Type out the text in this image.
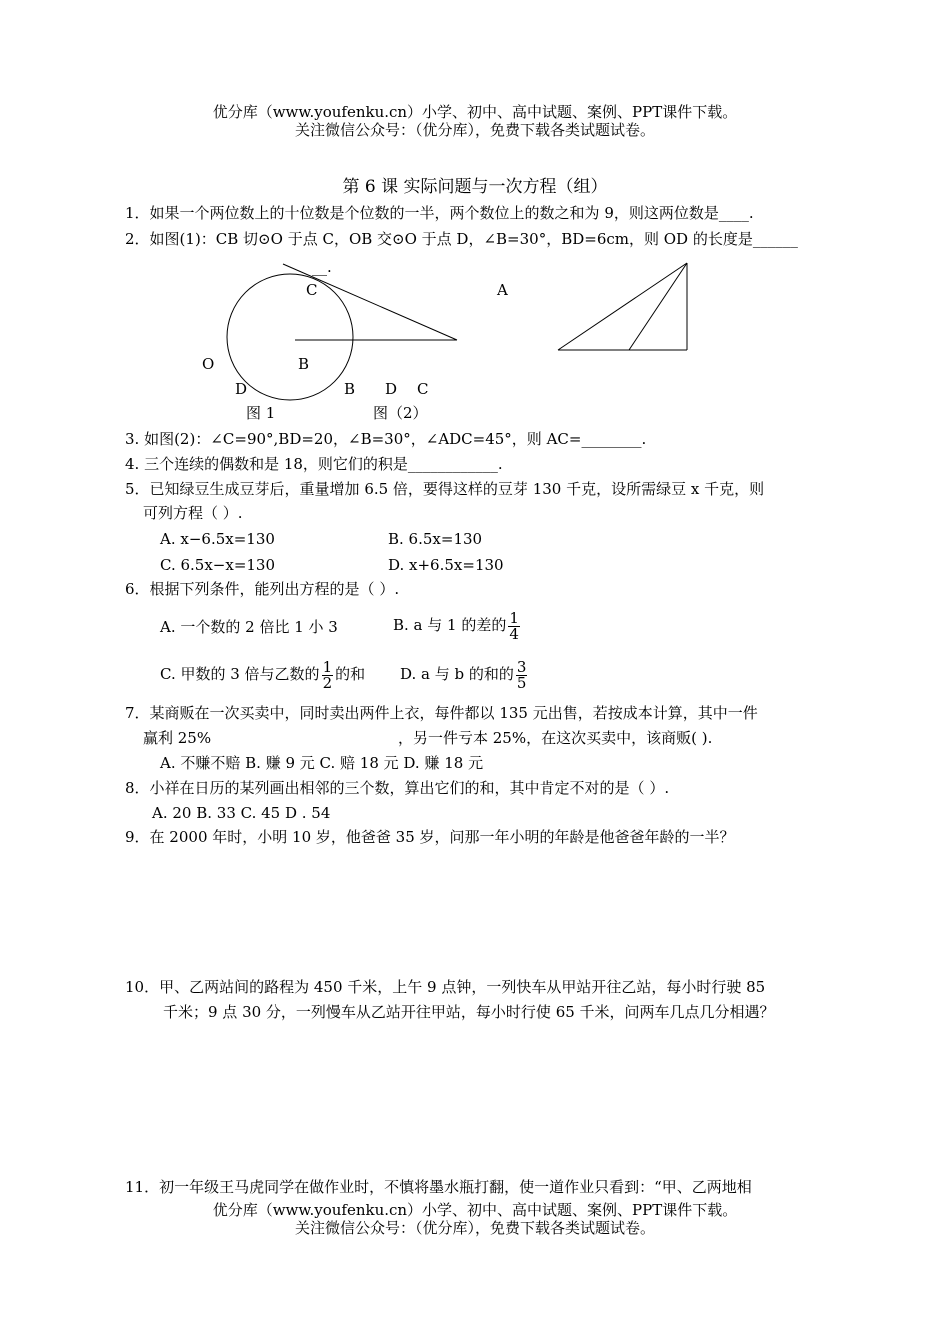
优分库（www.youfenku.cn）小学、初中、高中试题、案例、PPT课件下载。
关注微信公众号：（优分库），免费下载各类试题试卷。
第 6 课 实际问题与一次方程（组）
1．如果一个两位数上的十位数是个位数的一半，两个数位上的数之和为 9，则这两位数是____.
2．如图(1)：CB 切⊙O 于点 C，OB 交⊙O 于点 D，∠B=30°，BD=6cm，则 OD 的长度是______
__.
C
O	B
D	B D C
A
图 1	图（2）
3. 如图(2)：∠C=90°,BD=20，∠B=30°，∠ADC=45°，则 AC=________.
4. 三个连续的偶数和是 18，则它们的积是____________.
5．已知绿豆生成豆芽后，重量增加 6.5 倍，要得这样的豆芽 130 千克，设所需绿豆 x 千克，则
可列方程（ ）.
A. x−6.5x=130	B. 6.5x=130
C. 6.5x−x=130	D. x+6.5x=130
6．根据下列条件，能列出方程的是（ ）.
A. 一个数的 2 倍比 1 小 3	B. a 与 1 的差的 $\frac{1}{4}$
C. 甲数的 3 倍与乙数的 $\frac{1}{2}$ 的和 D. a 与 b 的和的 $\frac{3}{5}$
7．某商贩在一次买卖中，同时卖出两件上衣，每件都以 135 元出售，若按成本计算，其中一件
赢利 25%	，另一件亏本 25%，在这次买卖中，该商贩( ).
A. 不赚不赔 B. 赚 9 元 C. 赔 18 元 D. 赚 18 元
8．小祥在日历的某列画出相邻的三个数，算出它们的和，其中肯定不对的是（ ）.
A. 20 B. 33 C. 45 D . 54
9．在 2000 年时，小明 10 岁，他爸爸 35 岁，问那一年小明的年龄是他爸爸年龄的一半？
10．甲、乙两站间的路程为 450 千米，上午 9 点钟，一列快车从甲站开往乙站，每小时行驶 85
千米；9 点 30 分，一列慢车从乙站开往甲站，每小时行使 65 千米，问两车几点几分相遇？
11．初一年级王马虎同学在做作业时，不慎将墨水瓶打翻，使一道作业只看到：“甲、乙两地相
优分库（www.youfenku.cn）小学、初中、高中试题、案例、PPT课件下载。
关注微信公众号：（优分库），免费下载各类试题试卷。
